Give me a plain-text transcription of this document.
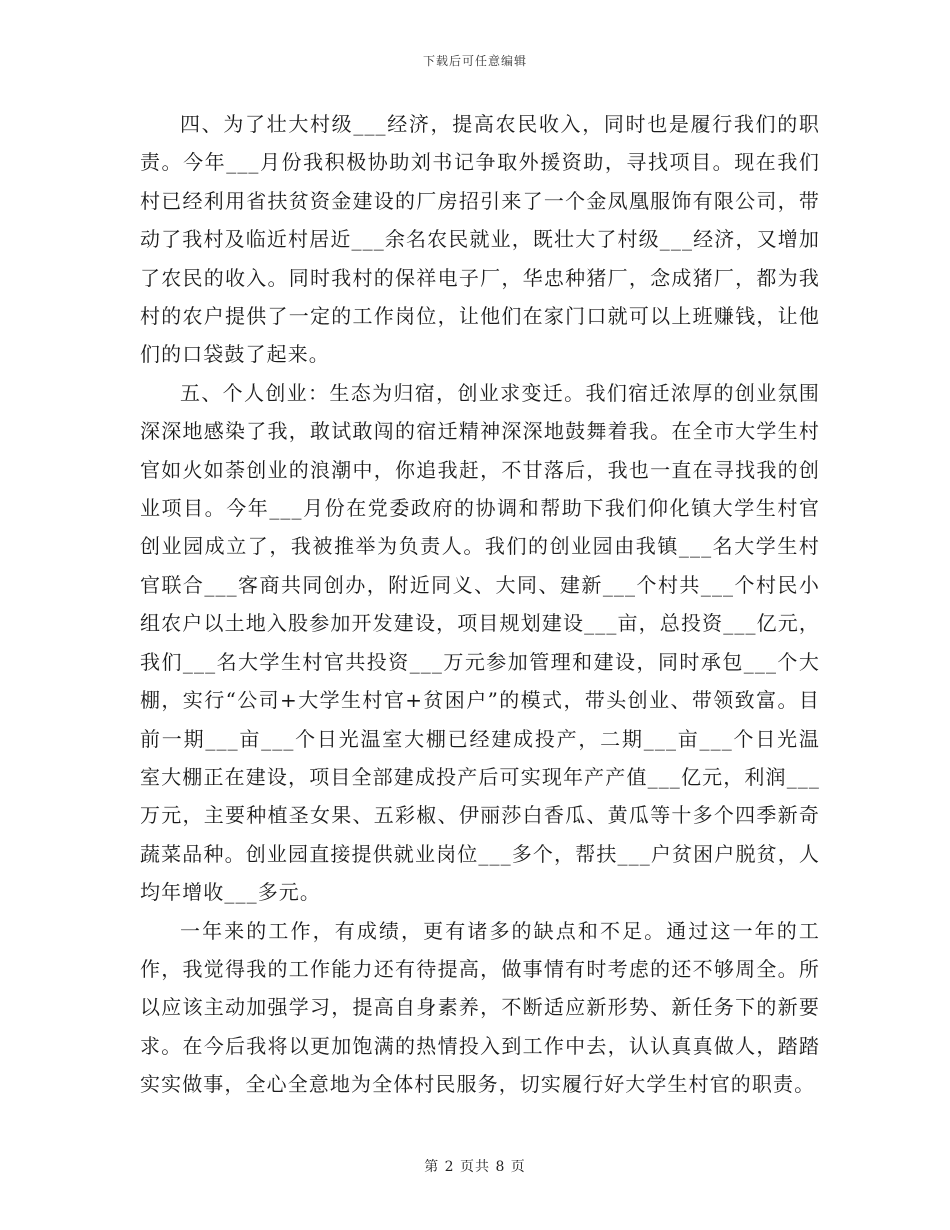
下载后可任意编辑

四、为了壮大村级___经济，提高农民收入，同时也是履行我们的职责。今年___月份我积极协助刘书记争取外援资助，寻找项目。现在我们村已经利用省扶贫资金建设的厂房招引来了一个金凤凰服饰有限公司，带动了我村及临近村居近___余名农民就业，既壮大了村级___经济，又增加了农民的收入。同时我村的保祥电子厂，华忠种猪厂，念成猪厂，都为我村的农户提供了一定的工作岗位，让他们在家门口就可以上班赚钱，让他们的口袋鼓了起来。

五、个人创业：生态为归宿，创业求变迁。我们宿迁浓厚的创业氛围深深地感染了我，敢试敢闯的宿迁精神深深地鼓舞着我。在全市大学生村官如火如荼创业的浪潮中，你追我赶，不甘落后，我也一直在寻找我的创业项目。今年___月份在党委政府的协调和帮助下我们仰化镇大学生村官创业园成立了，我被推举为负责人。我们的创业园由我镇___名大学生村官联合___客商共同创办，附近同义、大同、建新___个村共___个村民小组农户以土地入股参加开发建设，项目规划建设___亩，总投资___亿元，我们___名大学生村官共投资___万元参加管理和建设，同时承包___个大棚，实行“公司+大学生村官+贫困户”的模式，带头创业、带领致富。目前一期___亩___个日光温室大棚已经建成投产，二期___亩___个日光温室大棚正在建设，项目全部建成投产后可实现年产产值___亿元，利润___万元，主要种植圣女果、五彩椒、伊丽莎白香瓜、黄瓜等十多个四季新奇蔬菜品种。创业园直接提供就业岗位___多个，帮扶___户贫困户脱贫，人均年增收___多元。

一年来的工作，有成绩，更有诸多的缺点和不足。通过这一年的工作，我觉得我的工作能力还有待提高，做事情有时考虑的还不够周全。所以应该主动加强学习，提高自身素养，不断适应新形势、新任务下的新要求。在今后我将以更加饱满的热情投入到工作中去，认认真真做人，踏踏实实做事，全心全意地为全体村民服务，切实履行好大学生村官的职责。

第 2 页共 8 页
